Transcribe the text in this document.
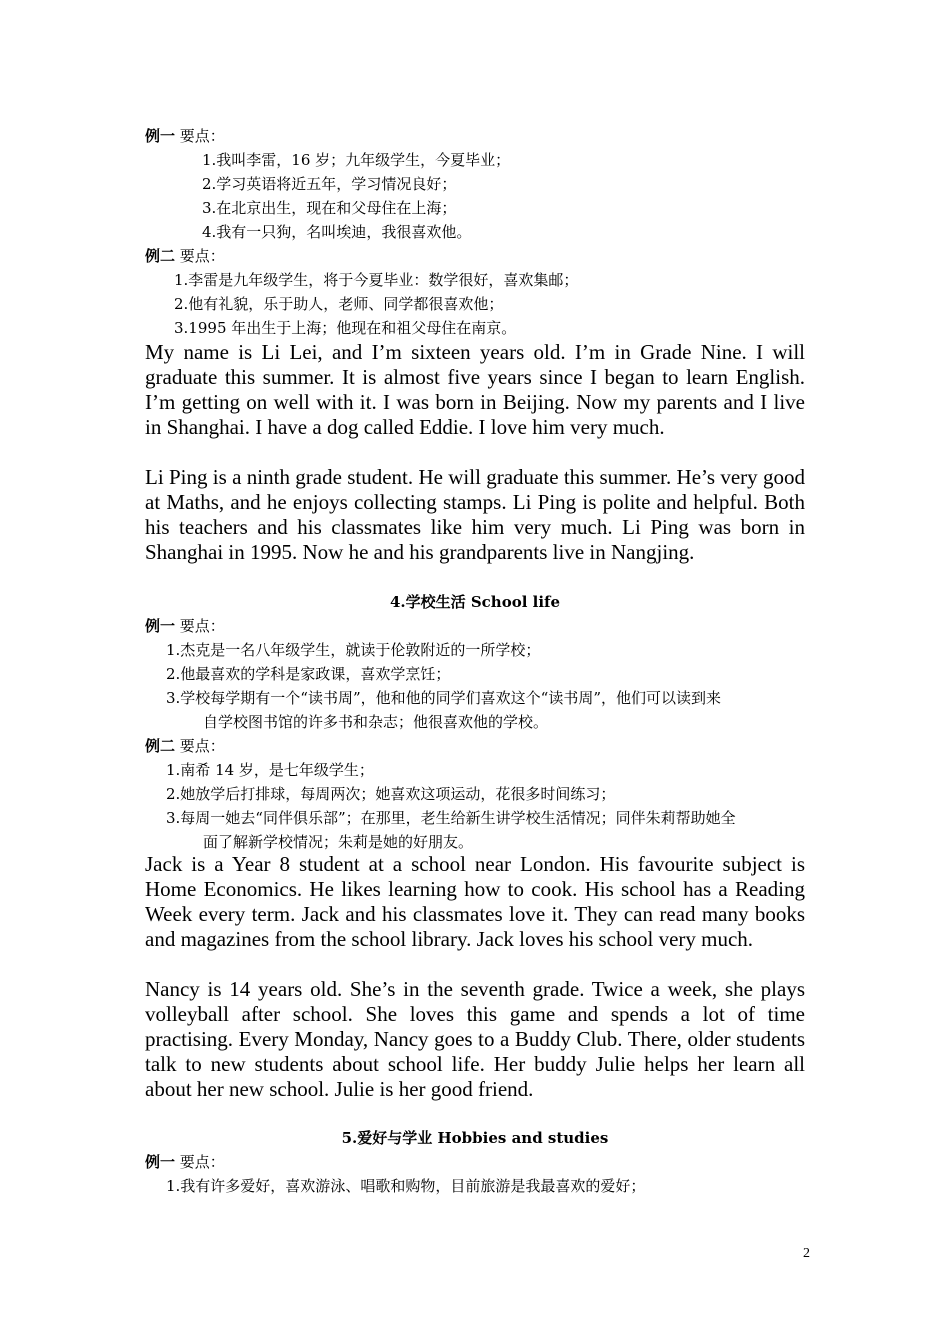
例一 要点：
1.我叫李雷，16 岁；九年级学生，今夏毕业；
2.学习英语将近五年，学习情况良好；
3.在北京出生，现在和父母住在上海；
4.我有一只狗，名叫埃迪，我很喜欢他。
例二 要点：
1.李雷是九年级学生，将于今夏毕业：数学很好，喜欢集邮；
2.他有礼貌，乐于助人，老师、同学都很喜欢他；
3.1995 年出生于上海；他现在和祖父母住在南京。
My name is Li Lei, and I’m sixteen years old. I’m in Grade Nine. I will graduate this summer. It is almost five years since I began to learn English. I’m getting on well with it. I was born in Beijing. Now my parents and I live in Shanghai. I have a dog called Eddie. I love him very much.
Li Ping is a ninth grade student. He will graduate this summer. He’s very good at Maths, and he enjoys collecting stamps. Li Ping is polite and helpful. Both his teachers and his classmates like him very much. Li Ping was born in Shanghai in 1995. Now he and his grandparents live in Nangjing.
4.学校生活 School life
例一 要点：
1.杰克是一名八年级学生，就读于伦敦附近的一所学校；
2.他最喜欢的学科是家政课，喜欢学烹饪；
3.学校每学期有一个“读书周”，他和他的同学们喜欢这个“读书周”，他们可以读到来
自学校图书馆的许多书和杂志；他很喜欢他的学校。
例二 要点：
1.南希 14 岁，是七年级学生；
2.她放学后打排球，每周两次；她喜欢这项运动，花很多时间练习；
3.每周一她去“同伴俱乐部”；在那里，老生给新生讲学校生活情况；同伴朱莉帮助她全
面了解新学校情况；朱莉是她的好朋友。
Jack is a Year 8 student at a school near London. His favourite subject is Home Economics. He likes learning how to cook. His school has a Reading Week every term. Jack and his classmates love it. They can read many books and magazines from the school library. Jack loves his school very much.
Nancy is 14 years old. She’s in the seventh grade. Twice a week, she plays volleyball after school. She loves this game and spends a lot of time practising. Every Monday, Nancy goes to a Buddy Club. There, older students talk to new students about school life. Her buddy Julie helps her learn all about her new school. Julie is her good friend.
5.爱好与学业 Hobbies and studies
例一 要点：
1.我有许多爱好，喜欢游泳、唱歌和购物，目前旅游是我最喜欢的爱好；
2
